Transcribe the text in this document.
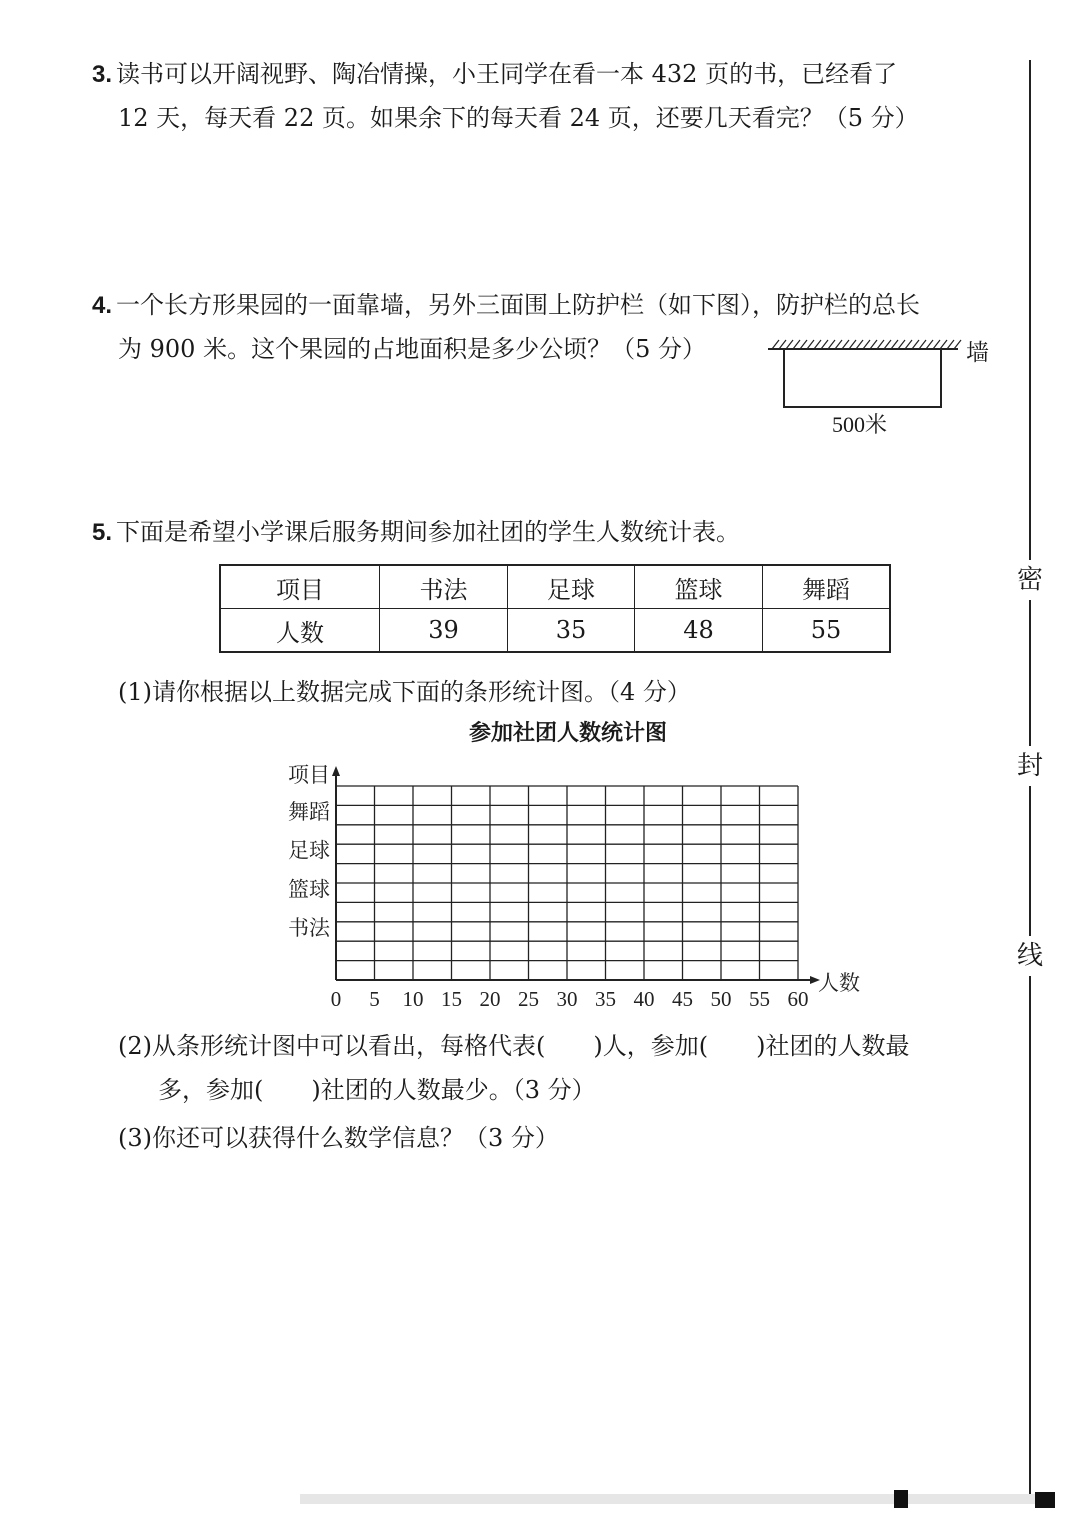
密
封
线
3. 读书可以开阔视野、陶冶情操，小王同学在看一本 432 页的书，已经看了
12 天，每天看 22 页。如果余下的每天看 24 页，还要几天看完？（5 分）
4. 一个长方形果园的一面靠墙，另外三面围上防护栏（如下图），防护栏的总长
为 900 米。这个果园的占地面积是多少公顷？（5 分）	墙
500米
5. 下面是希望小学课后服务期间参加社团的学生人数统计表。
项目	书法	足球	篮球	舞蹈
人数	39	35	48	55
(1)请你根据以上数据完成下面的条形统计图。（4 分）
参加社团人数统计图
0 5 10 15 20 25 30 35 40 45 50 55 60
舞蹈
足球
篮球
书法
项目
人数
(2)从条形统计图中可以看出，每格代表(　　)人，参加(　　)社团的人数最
多，参加(　　)社团的人数最少。（3 分）
(3)你还可以获得什么数学信息？（3 分）
